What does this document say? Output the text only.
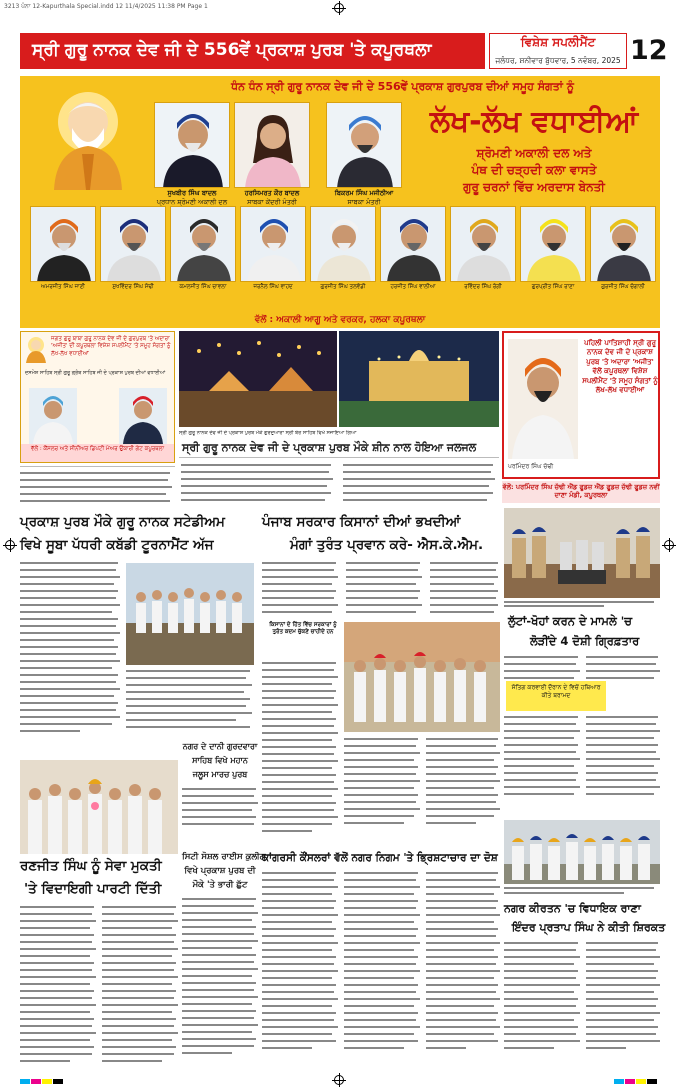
3213 ਪੰਨਾ 12-Kapurthala Special.indd 12 11/4/2025 11:38 PM Page 1
ਸ੍ਰੀ ਗੁਰੂ ਨਾਨਕ ਦੇਵ ਜੀ ਦੇ 556ਵੇਂ ਪ੍ਰਕਾਸ਼ ਪੁਰਬ 'ਤੇ ਕਪੂਰਥਲਾ	ਵਿਸ਼ੇਸ਼ ਸਪਲੀਮੈਂਟ
ਜਲੰਧਰ, ਸ਼ਨੀਵਾਰ ਬੁੱਧਵਾਰ, 5 ਨਵੰਬਰ, 2025 12
ਧੰਨ ਧੰਨ ਸ੍ਰੀ ਗੁਰੂ ਨਾਨਕ ਦੇਵ ਜੀ ਦੇ 556ਵੇਂ ਪ੍ਰਕਾਸ਼ ਗੁਰਪੁਰਬ ਦੀਆਂ ਸਮੂਹ ਸੰਗਤਾਂ ਨੂੰ
ਸੁਖਬੀਰ ਸਿੰਘ ਬਾਦਲ
ਪ੍ਰਧਾਨ ਸ਼੍ਰੋਮਣੀ ਅਕਾਲੀ ਦਲ
ਹਰਸਿਮਰਤ ਕੌਰ ਬਾਦਲ
ਸਾਬਕਾ ਕੇਂਦਰੀ ਮੰਤਰੀ
ਬਿਕਰਮ ਸਿੰਘ ਮਜੀਠੀਆ
ਸਾਬਕਾ ਮੰਤਰੀ
ਲੱਖ-ਲੱਖ ਵਧਾਈਆਂ
ਸ਼੍ਰੋਮਣੀ ਅਕਾਲੀ ਦਲ ਅਤੇ
ਪੰਥ ਦੀ ਚੜ੍ਹਦੀ ਕਲਾ ਵਾਸਤੇ
ਗੁਰੂ ਚਰਨਾਂ ਵਿੱਚ ਅਰਦਾਸ ਬੇਨਤੀ
ਅਮਰਜੀਤ ਸਿੰਘ ਜਾਣੀ	ਸੁਖਵਿੰਦਰ ਸਿੰਘ ਸੋਢੀ	ਕਮਲਜੀਤ ਸਿੰਘ ਚਾਵਲਾ	ਜਰਨੈਲ ਸਿੰਘ ਵਾਹਦ	ਗੁਰਜੀਤ ਸਿੰਘ ਤਲਵੰਡੀ	ਹਰਜੀਤ ਸਿੰਘ ਵਾਲੀਆ	ਰਵਿੰਦਰ ਸਿੰਘ ਰੰਗੀ	ਗੁਰਪ੍ਰੀਤ ਸਿੰਘ ਰਾਣਾ	ਗੁਰਜੀਤ ਸਿੰਘ ਚੰਗਾਲੀ
ਵੱਲੋਂ : ਅਕਾਲੀ ਆਗੂ ਅਤੇ ਵਰਕਰ, ਹਲਕਾ ਕਪੂਰਥਲਾ
ਜਗਤ ਗੁਰੂ ਬਾਬਾ ਗੁਰੂ ਨਾਨਕ ਦੇਵ ਜੀ ਦੇ ਗੁਰਪੁਰਬ 'ਤੇ ਅਦਾਰਾ 'ਅਜੀਤ' ਦੀ ਕਪੂਰਥਲਾ ਵਿਸ਼ੇਸ਼ ਸਪਲੀਮੈਂਟ 'ਤੇ ਸਮੂਹ ਸੰਗਤਾਂ ਨੂੰ ਲੱਖ-ਲੱਖ ਵਧਾਈਆਂ
ਦਸਮੇਸ਼ ਸਾਹਿਬ ਸ੍ਰੀ ਗੁਰੂ ਗ੍ਰੰਥ ਸਾਹਿਬ ਜੀ ਦੇ ਪ੍ਰਕਾਸ਼ ਪੁਰਬ ਦੀਆਂ ਵਧਾਈਆਂ
ਵੱਲੋਂ : ਕੌਂਸਲਰ ਅਤੇ ਸੀਨੀਅਰ ਡਿਪਟੀ ਮੇਅਰ ਉਂਕਾਰੀ ਗੇਟ ਕਪੂਰਥਲਾ
ਸ੍ਰੀ ਗੁਰੂ ਨਾਨਕ ਦੇਵ ਜੀ ਦੇ ਪ੍ਰਕਾਸ਼ ਪੁਰਬ ਮੌਕੇ ਗੁਰਦੁਆਰਾ ਸ੍ਰੀ ਬੇਰ ਸਾਹਿਬ ਵਿਖੇ ਸਜਾਇਆ ਗਿਆ
ਸ੍ਰੀ ਗੁਰੂ ਨਾਨਕ ਦੇਵ ਜੀ ਦੇ ਪ੍ਰਕਾਸ਼ ਪੁਰਬ ਮੌਕੇ ਸ਼ੀਨ ਨਾਲ ਹੋਇਆ ਜਲਜਲ
ਪਹਿਲੀ ਪਾਤਿਸ਼ਾਹੀ ਸ੍ਰੀ ਗੁਰੂ ਨਾਨਕ ਦੇਵ ਜੀ ਦੇ ਪ੍ਰਕਾਸ਼ ਪੁਰਬ 'ਤੇ ਅਦਾਰਾ 'ਅਜੀਤ' ਵੱਲੋਂ ਕਪੂਰਥਲਾ ਵਿਸ਼ੇਸ਼ ਸਪਲੀਮੈਂਟ 'ਤੇ ਸਮੂਹ ਸੰਗਤਾਂ ਨੂੰ ਲੱਖ-ਲੱਖ ਵਧਾਈਆਂ
ਪਰਮਿੰਦਰ ਸਿੰਘ ਚੱਢੀ
ਵੱਲੋਂ: ਪਰਮਿੰਦਰ ਸਿੰਘ ਚੱਢੀ ਐਂਡ ਫੂਡਜ਼ ਐਂਡ ਫੂਡਜ਼ ਚੱਢੀ ਫੂਡਜ਼ ਨਵੀਂ ਦਾਣਾ ਮੰਡੀ, ਕਪੂਰਥਲਾ
ਪ੍ਰਕਾਸ਼ ਪੁਰਬ ਮੌਕੇ ਗੁਰੂ ਨਾਨਕ ਸਟੇਡੀਅਮ
ਵਿਖੇ ਸੂਬਾ ਪੱਧਰੀ ਕਬੱਡੀ ਟੂਰਨਾਮੈਂਟ ਅੱਜ
ਪੰਜਾਬ ਸਰਕਾਰ ਕਿਸਾਨਾਂ ਦੀਆਂ ਭਖਦੀਆਂ
ਮੰਗਾਂ ਤੁਰੰਤ ਪ੍ਰਵਾਨ ਕਰੇ- ਐਸ.ਕੇ.ਐਮ.
ਕਿਸਾਨਾਂ ਦੇ ਹਿੱਤ ਵਿੱਚ ਸਰਕਾਰਾਂ ਨੂੰ ਤੁਰੰਤ ਕਦਮ ਚੁੱਕਣੇ ਚਾਹੀਦੇ ਹਨ
ਲੁੱਟਾਂ-ਖੋਹਾਂ ਕਰਨ ਦੇ ਮਾਮਲੇ 'ਚ
ਲੋੜੀਂਦੇ 4 ਦੋਸ਼ੀ ਗ੍ਰਿਫ਼ਤਾਰ
ਸੱਤਿਗ ਕਰਵਾਈ ਦੌਰਾਨ ਦੇ ਵਿਚੋਂ ਹਥਿਆਰ ਕੀਤੇ ਬਰਾਮਦ
ਰਣਜੀਤ ਸਿੰਘ ਨੂੰ ਸੇਵਾ ਮੁਕਤੀ
'ਤੇ ਵਿਦਾਇਗੀ ਪਾਰਟੀ ਦਿੱਤੀ
ਨਗਰ ਦੇ ਦਾਨੀ ਗੁਰਦਵਾਰਾ
ਸਾਹਿਬ ਵਿਖੇ ਮਹਾਨ
ਜਲੂਸ ਮਾਰਚ ਪੁਰਬ
ਸਿਟੀ ਸੋਸ਼ਲ ਰਾਈਸ ਕੁਲੀਗ
ਵਿਖੇ ਪ੍ਰਕਾਸ਼ ਪੁਰਬ ਦੀ
ਮੌਕੇ 'ਤੇ ਭਾਰੀ ਛੁੱਟ
ਕਾਂਗਰਸੀ ਕੌਂਸਲਰਾਂ ਵੱਲੋਂ ਨਗਰ ਨਿਗਮ 'ਤੇ ਭ੍ਰਿਸ਼ਟਾਚਾਰ ਦਾ ਦੋਸ਼
ਨਗਰ ਕੀਰਤਨ 'ਚ ਵਿਧਾਇਕ ਰਾਣਾ
ਇੰਦਰ ਪ੍ਰਤਾਪ ਸਿੰਘ ਨੇ ਕੀਤੀ ਸ਼ਿਰਕਤ
